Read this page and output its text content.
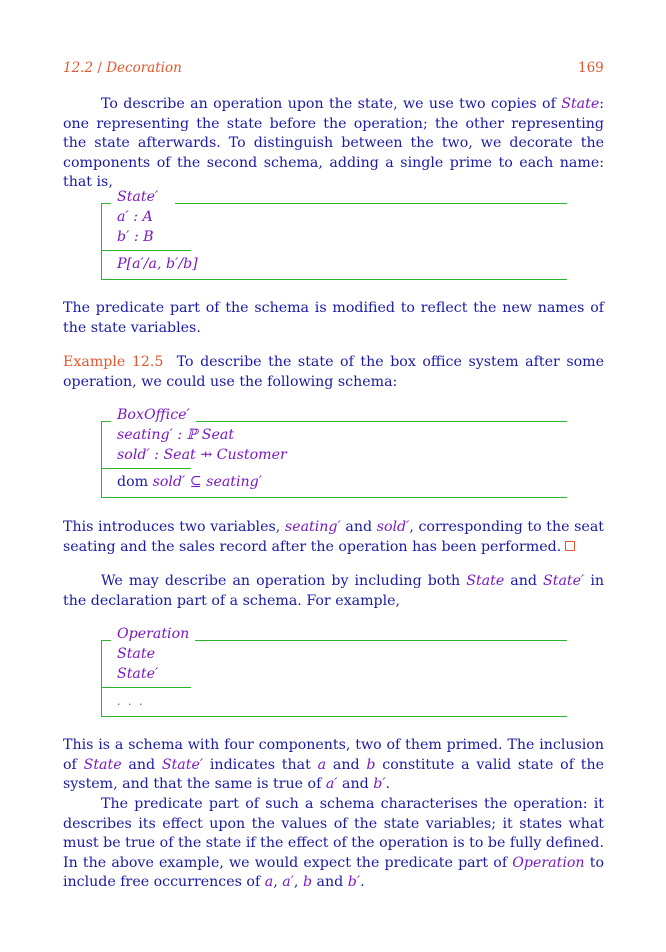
12.2 / Decoration	169

To describe an operation upon the state, we use two copies of State: one representing the state before the operation; the other representing the state afterwards. To distinguish between the two, we decorate the components of the second schema, adding a single prime to each name: that is,

State′
a′ : A
b′ : B
P[a′/a, b′/b]

The predicate part of the schema is modified to reflect the new names of the state variables.

Example 12.5 To describe the state of the box office system after some operation, we could use the following schema:

BoxOffice′
seating′ : ℙ Seat
sold′ : Seat ⇸ Customer
dom sold′ ⊆ seating′

This introduces two variables, seating′ and sold′, corresponding to the seat seating and the sales record after the operation has been performed.

We may describe an operation by including both State and State′ in the declaration part of a schema. For example,

Operation
State
State′
. . .

This is a schema with four components, two of them primed. The inclusion of State and State′ indicates that a and b constitute a valid state of the system, and that the same is true of a′ and b′.

The predicate part of such a schema characterises the operation: it describes its effect upon the values of the state variables; it states what must be true of the state if the effect of the operation is to be fully defined. In the above example, we would expect the predicate part of Operation to include free occurrences of a, a′, b and b′.
